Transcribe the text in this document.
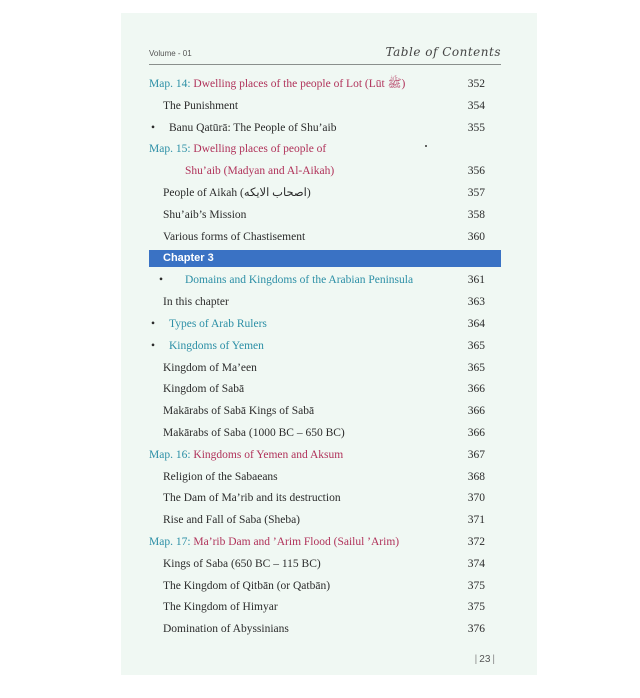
Volume - 01	Table of Contents
Map. 14: Dwelling places of the people of Lot (Lūt ﷺ)	352
The Punishment	354
• Banu Qatūrā: The People of Shu’aib	355
Map. 15: Dwelling places of people of
Shu’aib (Madyan and Al-Aikah)	356
People of Aikah (اصحاب الایکه)	357
Shu’aib’s Mission	358
Various forms of Chastisement	360
Chapter 3
• Domains and Kingdoms of the Arabian Peninsula	361
In this chapter	363
• Types of Arab Rulers	364
• Kingdoms of Yemen	365
Kingdom of Ma’een	365
Kingdom of Sabā	366
Makārabs of Sabā Kings of Sabā	366
Makārabs of Saba (1000 BC – 650 BC)	366
Map. 16: Kingdoms of Yemen and Aksum	367
Religion of the Sabaeans	368
The Dam of Ma’rib and its destruction	370
Rise and Fall of Saba (Sheba)	371
Map. 17: Ma’rib Dam and ’Arim Flood (Sailul ’Arim)	372
Kings of Saba (650 BC – 115 BC)	374
The Kingdom of Qitbān (or Qatbān)	375
The Kingdom of Himyar	375
Domination of Abyssinians	376
| 23 |
